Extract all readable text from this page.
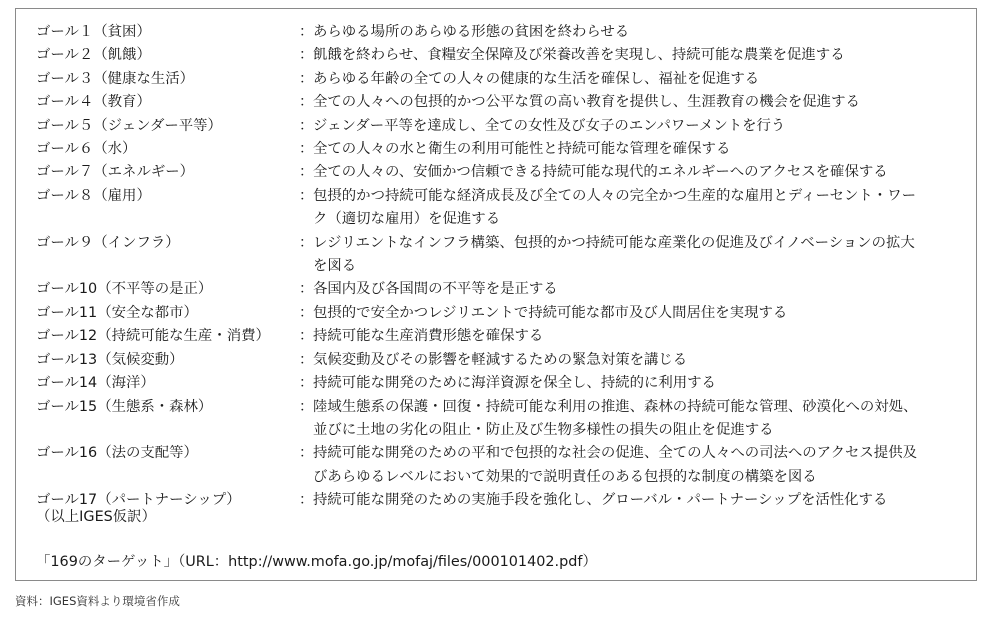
ゴール１（貧困）	： あらゆる場所のあらゆる形態の貧困を終わらせる
ゴール２（飢餓）	： 飢餓を終わらせ、食糧安全保障及び栄養改善を実現し、持続可能な農業を促進する
ゴール３（健康な生活）	： あらゆる年齢の全ての人々の健康的な生活を確保し、福祉を促進する
ゴール４（教育）	： 全ての人々への包摂的かつ公平な質の高い教育を提供し、生涯教育の機会を促進する
ゴール５（ジェンダー平等）	： ジェンダー平等を達成し、全ての女性及び女子のエンパワーメントを行う
ゴール６（水）	： 全ての人々の水と衛生の利用可能性と持続可能な管理を確保する
ゴール７（エネルギー）	： 全ての人々の、安価かつ信頼できる持続可能な現代的エネルギーへのアクセスを確保する
ゴール８（雇用）	： 包摂的かつ持続可能な経済成長及び全ての人々の完全かつ生産的な雇用とディーセント・ワー
ク（適切な雇用）を促進する
ゴール９（インフラ）	： レジリエントなインフラ構築、包摂的かつ持続可能な産業化の促進及びイノベーションの拡大
を図る
ゴール10（不平等の是正）	： 各国内及び各国間の不平等を是正する
ゴール11（安全な都市）	： 包摂的で安全かつレジリエントで持続可能な都市及び人間居住を実現する
ゴール12（持続可能な生産・消費）	： 持続可能な生産消費形態を確保する
ゴール13（気候変動）	： 気候変動及びその影響を軽減するための緊急対策を講じる
ゴール14（海洋）	： 持続可能な開発のために海洋資源を保全し、持続的に利用する
ゴール15（生態系・森林）	： 陸域生態系の保護・回復・持続可能な利用の推進、森林の持続可能な管理、砂漠化への対処、
並びに土地の劣化の阻止・防止及び生物多様性の損失の阻止を促進する
ゴール16（法の支配等）	： 持続可能な開発のための平和で包摂的な社会の促進、全ての人々への司法へのアクセス提供及
びあらゆるレベルにおいて効果的で説明責任のある包摂的な制度の構築を図る
ゴール17（パートナーシップ）	： 持続可能な開発のための実施手段を強化し、グローバル・パートナーシップを活性化する
（以上IGES仮訳）
「169のターゲット」（URL：http://www.mofa.go.jp/mofaj/files/000101402.pdf）
資料：IGES資料より環境省作成
